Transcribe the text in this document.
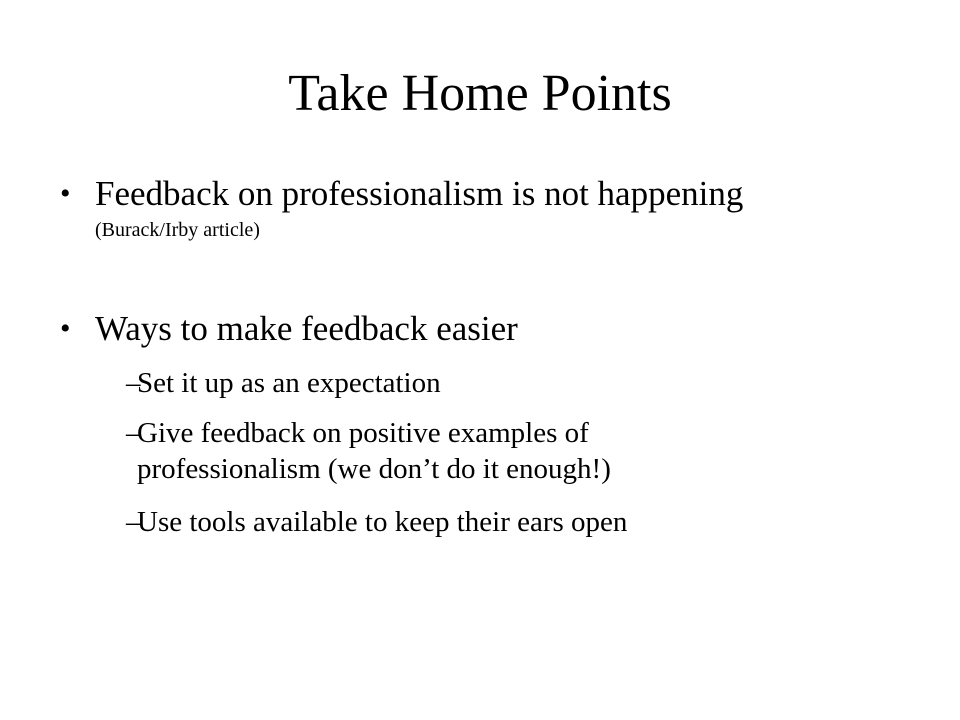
Take Home Points
• Feedback on professionalism is not happening
(Burack/Irby article)
• Ways to make feedback easier
–
Set it up as an expectation
–
Give feedback on positive examples of
professionalism (we don’t do it enough!)
–
Use tools available to keep their ears open
